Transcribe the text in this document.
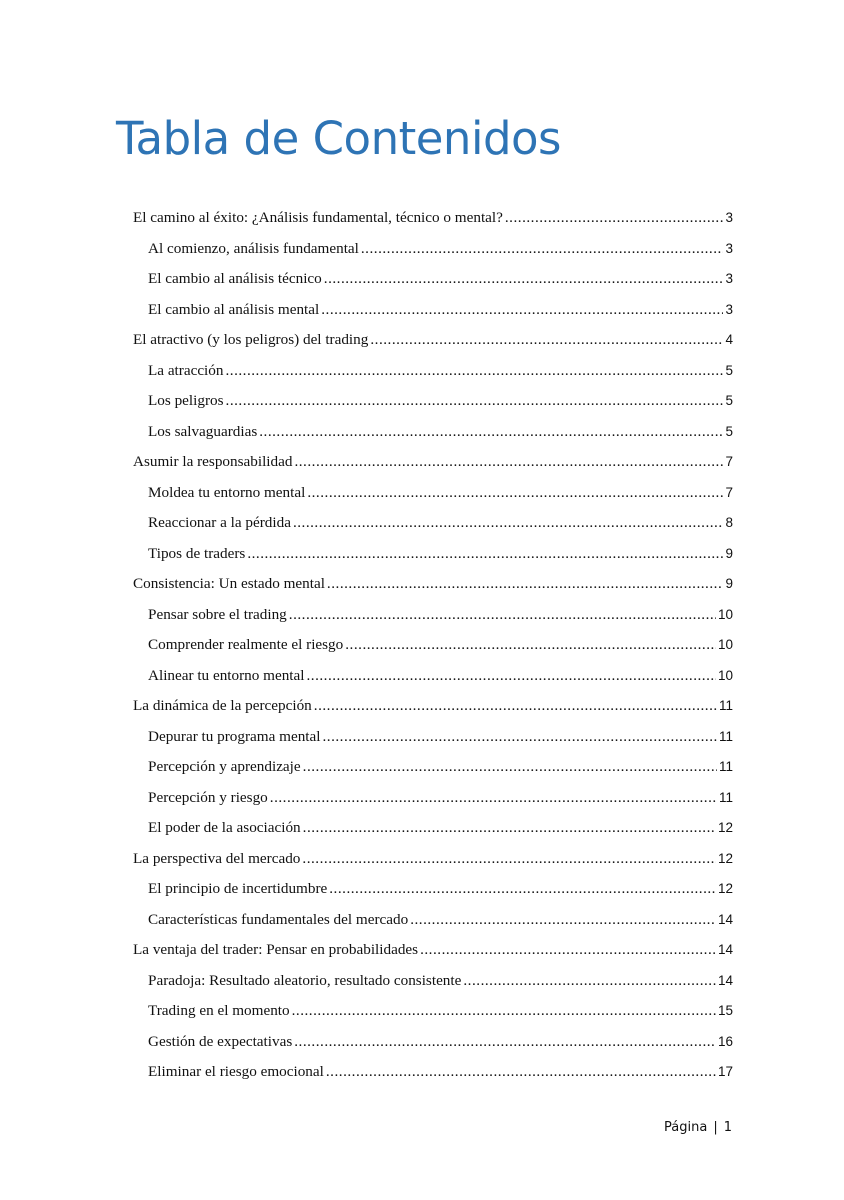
Tabla de Contenidos
El camino al éxito: ¿Análisis fundamental, técnico o mental? .....	3
Al comienzo, análisis fundamental .....	3
El cambio al análisis técnico .....	3
El cambio al análisis mental .....	3
El atractivo (y los peligros) del trading .....	4
La atracción .....	5
Los peligros .....	5
Los salvaguardias .....	5
Asumir la responsabilidad .....	7
Moldea tu entorno mental .....	7
Reaccionar a la pérdida .....	8
Tipos de traders .....	9
Consistencia: Un estado mental .....	9
Pensar sobre el trading .....	10
Comprender realmente el riesgo .....	10
Alinear tu entorno mental .....	10
La dinámica de la percepción .....	11
Depurar tu programa mental .....	11
Percepción y aprendizaje .....	11
Percepción y riesgo .....	11
El poder de la asociación .....	12
La perspectiva del mercado .....	12
El principio de incertidumbre .....	12
Características fundamentales del mercado .....	14
La ventaja del trader: Pensar en probabilidades .....	14
Paradoja: Resultado aleatorio, resultado consistente .....	14
Trading en el momento .....	15
Gestión de expectativas .....	16
Eliminar el riesgo emocional .....	17
Página | 1
